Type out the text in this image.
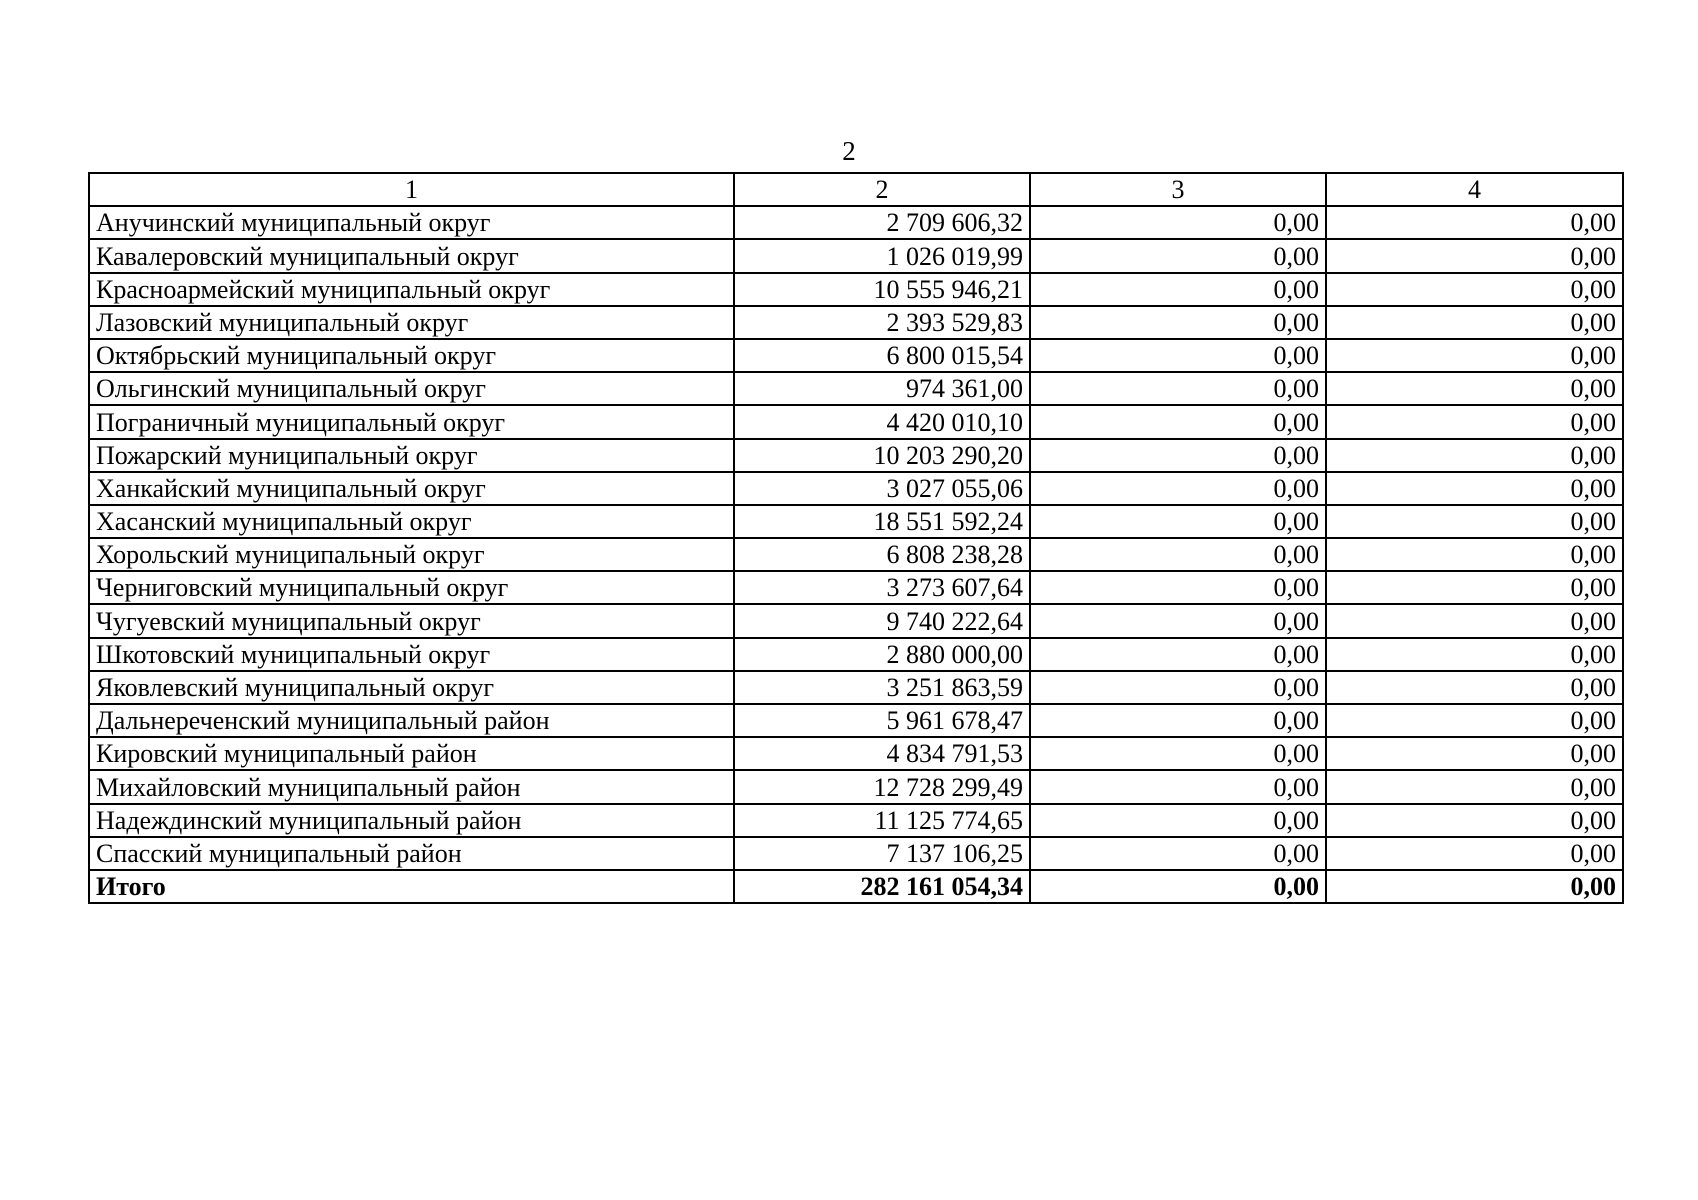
2
1	2	3	4
Анучинский муниципальный округ	2 709 606,32	0,00	0,00
Кавалеровский муниципальный округ	1 026 019,99	0,00	0,00
Красноармейский муниципальный округ	10 555 946,21	0,00	0,00
Лазовский муниципальный округ	2 393 529,83	0,00	0,00
Октябрьский муниципальный округ	6 800 015,54	0,00	0,00
Ольгинский муниципальный округ	974 361,00	0,00	0,00
Пограничный муниципальный округ	4 420 010,10	0,00	0,00
Пожарский муниципальный округ	10 203 290,20	0,00	0,00
Ханкайский муниципальный округ	3 027 055,06	0,00	0,00
Хасанский муниципальный округ	18 551 592,24	0,00	0,00
Хорольский муниципальный округ	6 808 238,28	0,00	0,00
Черниговский муниципальный округ	3 273 607,64	0,00	0,00
Чугуевский муниципальный округ	9 740 222,64	0,00	0,00
Шкотовский муниципальный округ	2 880 000,00	0,00	0,00
Яковлевский муниципальный округ	3 251 863,59	0,00	0,00
Дальнереченский муниципальный район	5 961 678,47	0,00	0,00
Кировский муниципальный район	4 834 791,53	0,00	0,00
Михайловский муниципальный район	12 728 299,49	0,00	0,00
Надеждинский муниципальный район	11 125 774,65	0,00	0,00
Спасский муниципальный район	7 137 106,25	0,00	0,00
Итого	282 161 054,34	0,00	0,00
